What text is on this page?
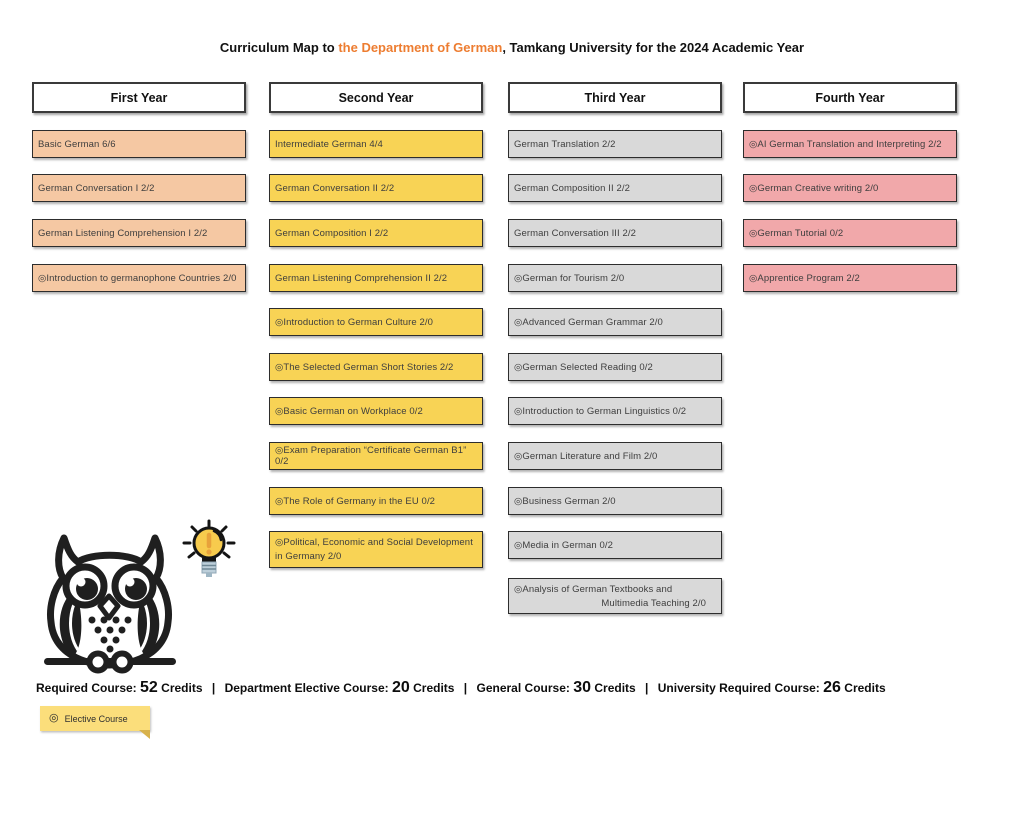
Curriculum Map to the Department of German, Tamkang University for the 2024 Academic Year
First Year
Basic German 6/6
German Conversation I 2/2
German Listening Comprehension I 2/2
◎Introduction to germanophone Countries 2/0
Second Year
Intermediate German 4/4
German Conversation II 2/2
German Composition I 2/2
German Listening Comprehension II 2/2
◎Introduction to German Culture 2/0
◎The Selected German Short Stories 2/2
◎Basic German on Workplace 0/2
◎Exam Preparation “Certificate German B1” 0/2
◎The Role of Germany in the EU 0/2
◎Political, Economic and Social Development in Germany 2/0
Third Year
German Translation 2/2
German Composition II 2/2
German Conversation III 2/2
◎German for Tourism 2/0
◎Advanced German Grammar 2/0
◎German Selected Reading 0/2
◎Introduction to German Linguistics 0/2
◎German Literature and Film 2/0
◎Business German 2/0
◎Media in German 0/2
◎Analysis of German Textbooks and
Multimedia Teaching 2/0
Fourth Year
◎AI German Translation and Interpreting 2/2
◎German Creative writing 2/0
◎German Tutorial 0/2
◎Apprentice Program 2/2
Required Course: 52 Credits | Department Elective Course: 20 Credits | General Course: 30 Credits | University Required Course: 26 Credits
◎ Elective Course
